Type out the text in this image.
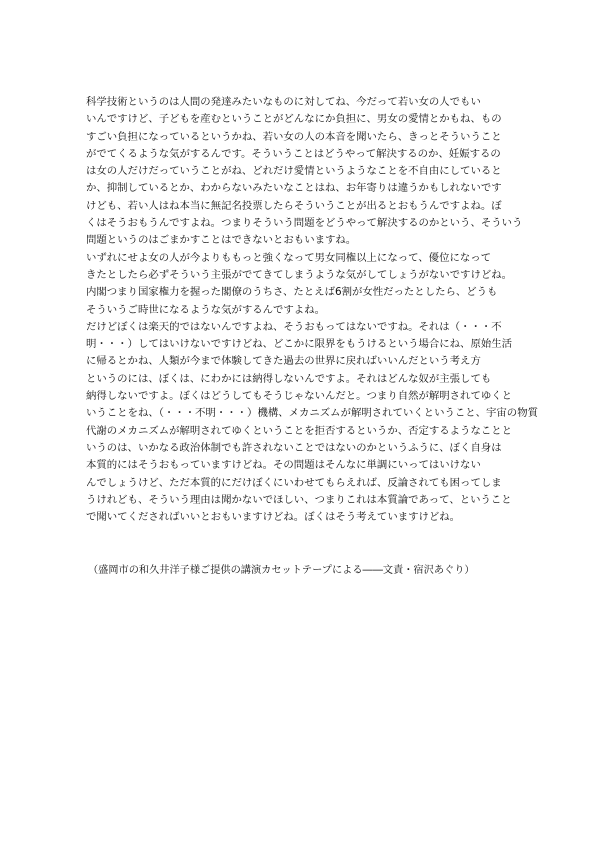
科学技術というのは人間の発達みたいなものに対してね、今だって若い女の人でもい
いんですけど、子どもを産むということがどんなにか負担に、男女の愛情とかもね、もの
すごい負担になっているというかね、若い女の人の本音を聞いたら、きっとそういうこと
がでてくるような気がするんです。そういうことはどうやって解決するのか、妊娠するの
は女の人だけだっていうことがね、どれだけ愛情というようなことを不自由にしていると
か、抑制しているとか、わからないみたいなことはね、お年寄りは違うかもしれないです
けども、若い人はね本当に無記名投票したらそういうことが出るとおもうんですよね。ぼ
くはそうおもうんですよね。つまりそういう問題をどうやって解決するのかという、そういう
問題というのはごまかすことはできないとおもいますね。
いずれにせよ女の人が今よりももっと強くなって男女同権以上になって、優位になって
きたとしたら必ずそういう主張がでてきてしまうような気がしてしょうがないですけどね。
内閣つまり国家権力を握った閣僚のうちさ、たとえば6割が女性だったとしたら、どうも
そういうご時世になるような気がするんですよね。
だけどぼくは楽天的ではないんですよね、そうおもってはないですね。それは（・・・不
明・・・）してはいけないですけどね、どこかに限界をもうけるという場合にね、原始生活
に帰るとかね、人類が今まで体験してきた過去の世界に戻ればいいんだという考え方
というのには、ぼくは、にわかには納得しないんですよ。それはどんな奴が主張しても
納得しないですよ。ぼくはどうしてもそうじゃないんだと。つまり自然が解明されてゆくと
いうことをね、（・・・不明・・・）機構、メカニズムが解明されていくということ、宇宙の物質
代謝のメカニズムが解明されてゆくということを拒否するというか、否定するようなことと
いうのは、いかなる政治体制でも許されないことではないのかというふうに、ぼく自身は
本質的にはそうおもっていますけどね。その問題はそんなに単調にいってはいけない
んでしょうけど、ただ本質的にだけぼくにいわせてもらえれば、反論されても困ってしま
うけれども、そういう理由は聞かないでほしい、つまりこれは本質論であって、ということ
で聞いてくださればいいとおもいますけどね。ぼくはそう考えていますけどね。
（盛岡市の和久井洋子様ご提供の講演カセットテープによる――文責・宿沢あぐり）
